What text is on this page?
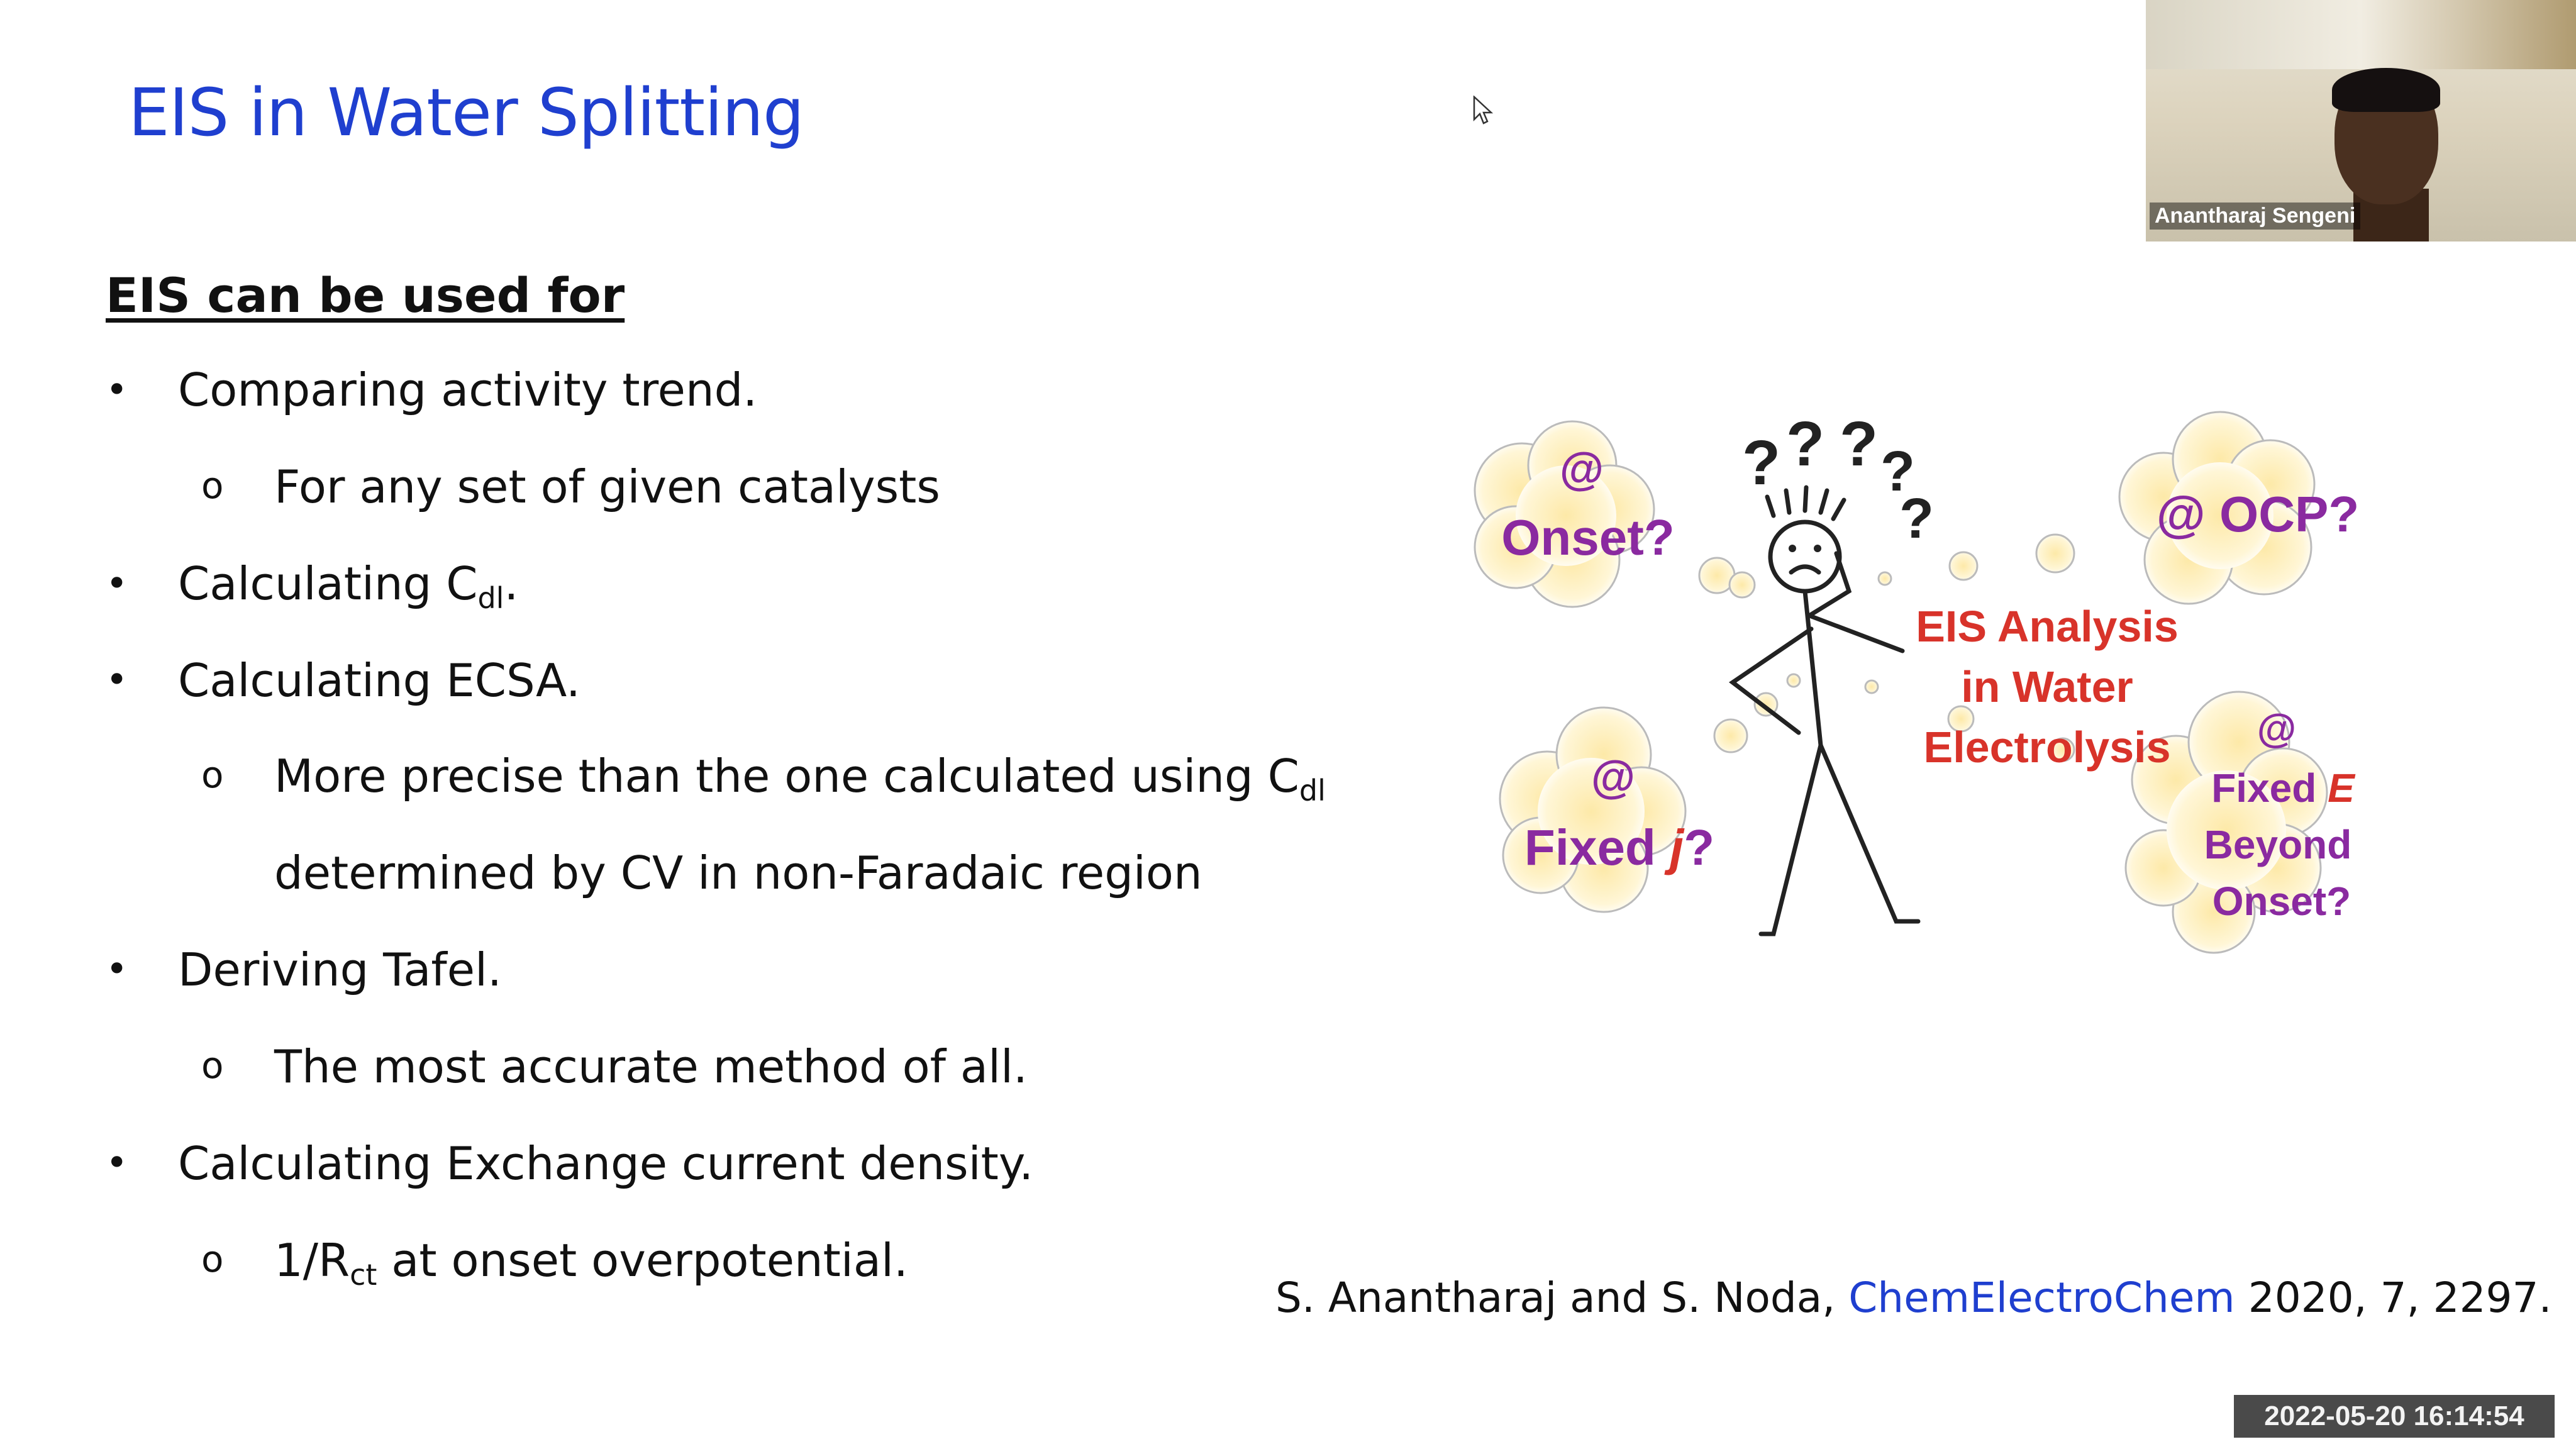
EIS in Water Splitting
EIS can be used for
• Comparing activity trend.
o For any set of given catalysts
• Calculating $C_{dl}$.
• Calculating ECSA.
o More precise than the one calculated using $C_{dl}$
determined by CV in non-Faradaic region
• Deriving Tafel.
o The most accurate method of all.
• Calculating Exchange current density.
o $1/R_{ct}$ at onset overpotential.
@
Onset?	@ OCP?
@
Fixed j?
@
Fixed E
Beyond
Onset?
? ? ? ?
?
EIS Analysis
in Water
Electrolysis
S. Anantharaj and S. Noda, ChemElectroChem 2020, 7, 2297.
Anantharaj Sengeni
2022-05-20 16:14:54
